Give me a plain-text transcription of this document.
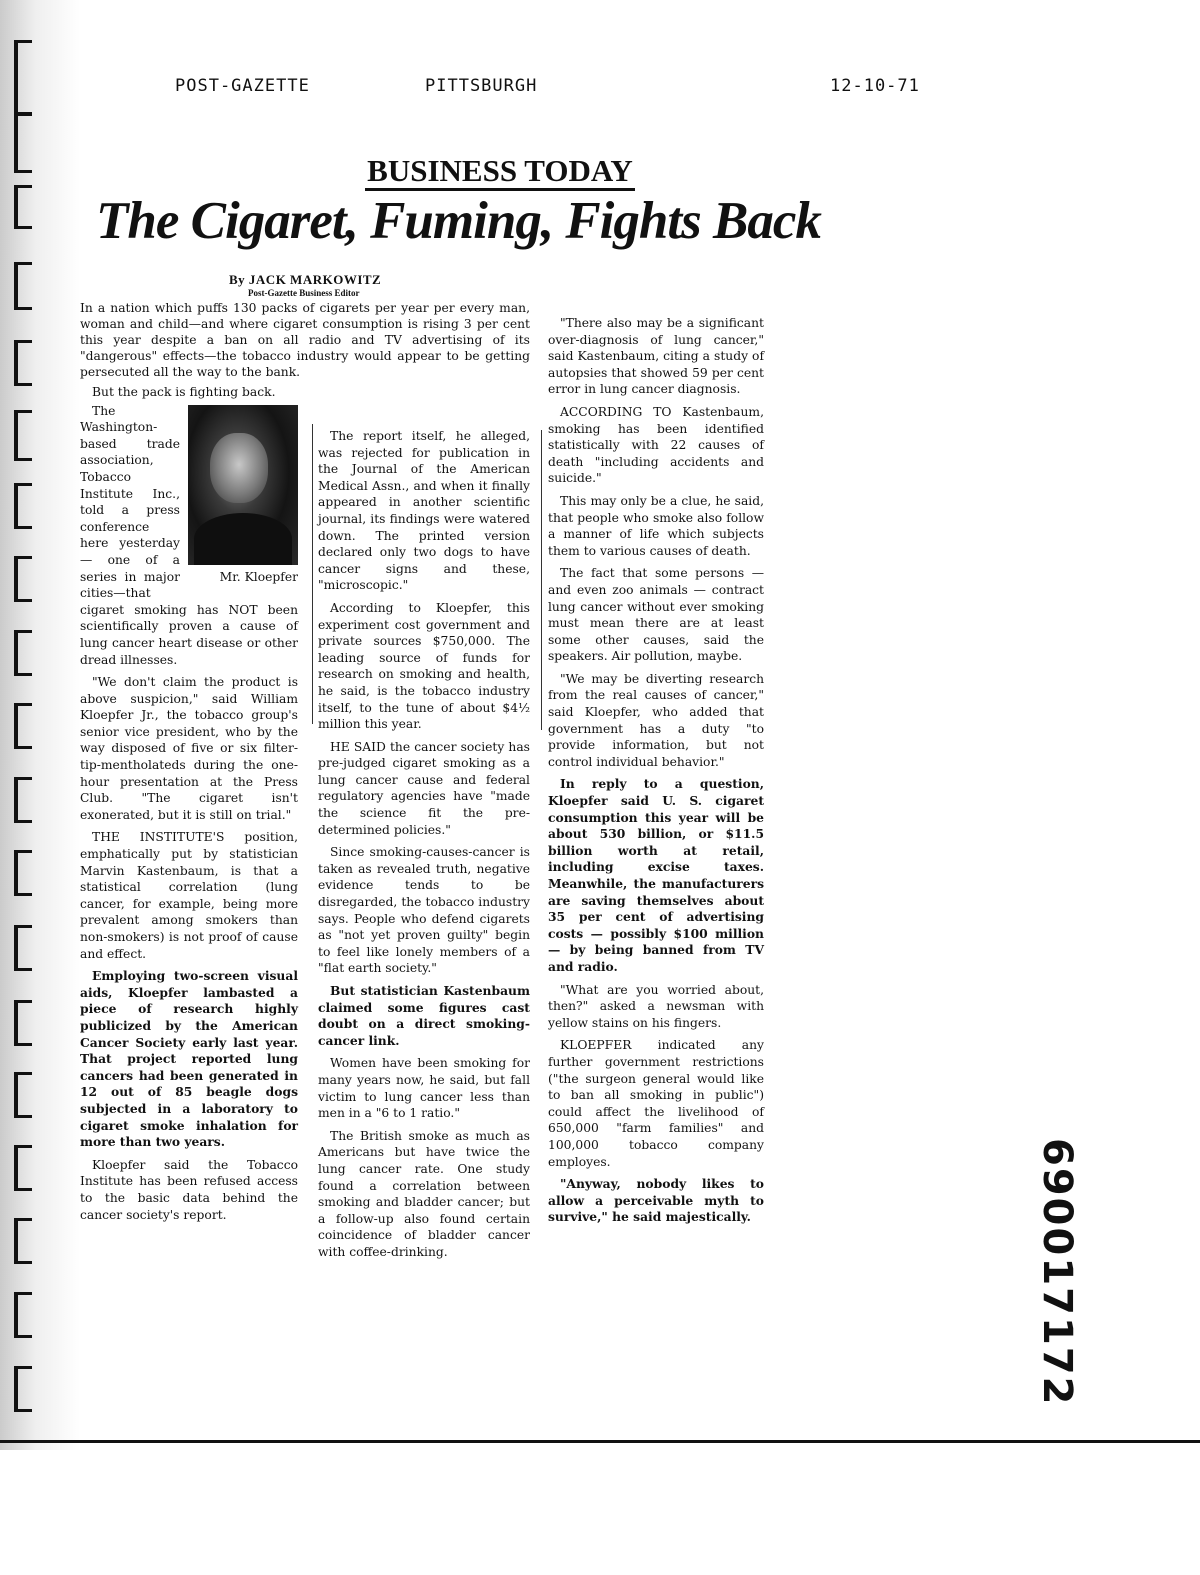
POST-GAZETTE	PITTSBURGH	12-10-71
BUSINESS TODAY
The Cigaret, Fuming, Fights Back
By JACK MARKOWITZ
Post-Gazette Business Editor

In a nation which puffs 130 packs of cigarets per year per every man, woman and child—and where cigaret consumption is rising 3 per cent this year despite a ban on all radio and TV advertising of its "dangerous" effects—the tobacco industry would appear to be getting persecuted all the way to the bank.

But the pack is fighting back.

Mr. Kloepfer

The Washington-based trade association, Tobacco Institute Inc., told a press conference here yesterday — one of a series in major cities—that cigaret smoking has NOT been scientifically proven a cause of lung cancer heart disease or other dread illnesses.

"We don't claim the product is above suspicion," said William Kloepfer Jr., the tobacco group's senior vice president, who by the way disposed of five or six filter-tip-mentholateds during the one-hour presentation at the Press Club. "The cigaret isn't exonerated, but it is still on trial."

THE INSTITUTE'S position, emphatically put by statistician Marvin Kastenbaum, is that a statistical correlation (lung cancer, for example, being more prevalent among smokers than non-smokers) is not proof of cause and effect.

Employing two-screen visual aids, Kloepfer lambasted a piece of research highly publicized by the American Cancer Society early last year. That project reported lung cancers had been generated in 12 out of 85 beagle dogs subjected in a laboratory to cigaret smoke inhalation for more than two years.

Kloepfer said the Tobacco Institute has been refused access to the basic data behind the cancer society's report.

The report itself, he alleged, was rejected for publication in the Journal of the American Medical Assn., and when it finally appeared in another scientific journal, its findings were watered down. The printed version declared only two dogs to have cancer signs and these, "microscopic."

According to Kloepfer, this experiment cost government and private sources $750,000. The leading source of funds for research on smoking and health, he said, is the tobacco industry itself, to the tune of about $4½ million this year.

HE SAID the cancer society has pre-judged cigaret smoking as a lung cancer cause and federal regulatory agencies have "made the science fit the pre-determined policies."

Since smoking-causes-cancer is taken as revealed truth, negative evidence tends to be disregarded, the tobacco industry says. People who defend cigarets as "not yet proven guilty" begin to feel like lonely members of a "flat earth society."

But statistician Kastenbaum claimed some figures cast doubt on a direct smoking-cancer link.

Women have been smoking for many years now, he said, but fall victim to lung cancer less than men in a "6 to 1 ratio."

The British smoke as much as Americans but have twice the lung cancer rate. One study found a correlation between smoking and bladder cancer; but a follow-up also found certain coincidence of bladder cancer with coffee-drinking.

"There also may be a significant over-diagnosis of lung cancer," said Kastenbaum, citing a study of autopsies that showed 59 per cent error in lung cancer diagnosis.

ACCORDING TO Kastenbaum, smoking has been identified statistically with 22 causes of death "including accidents and suicide."

This may only be a clue, he said, that people who smoke also follow a manner of life which subjects them to various causes of death.

The fact that some persons — and even zoo animals — contract lung cancer without ever smoking must mean there are at least some other causes, said the speakers. Air pollution, maybe.

"We may be diverting research from the real causes of cancer," said Kloepfer, who added that government has a duty "to provide information, but not control individual behavior."

In reply to a question, Kloepfer said U. S. cigaret consumption this year will be about 530 billion, or $11.5 billion worth at retail, including excise taxes. Meanwhile, the manufacturers are saving themselves about 35 per cent of advertising costs — possibly $100 million — by being banned from TV and radio.

"What are you worried about, then?" asked a newsman with yellow stains on his fingers.

KLOEPFER indicated any further government restrictions ("the surgeon general would like to ban all smoking in public") could affect the livelihood of 650,000 "farm families" and 100,000 tobacco company employes.

"Anyway, nobody likes to allow a perceivable myth to survive," he said majestically.	690017172
